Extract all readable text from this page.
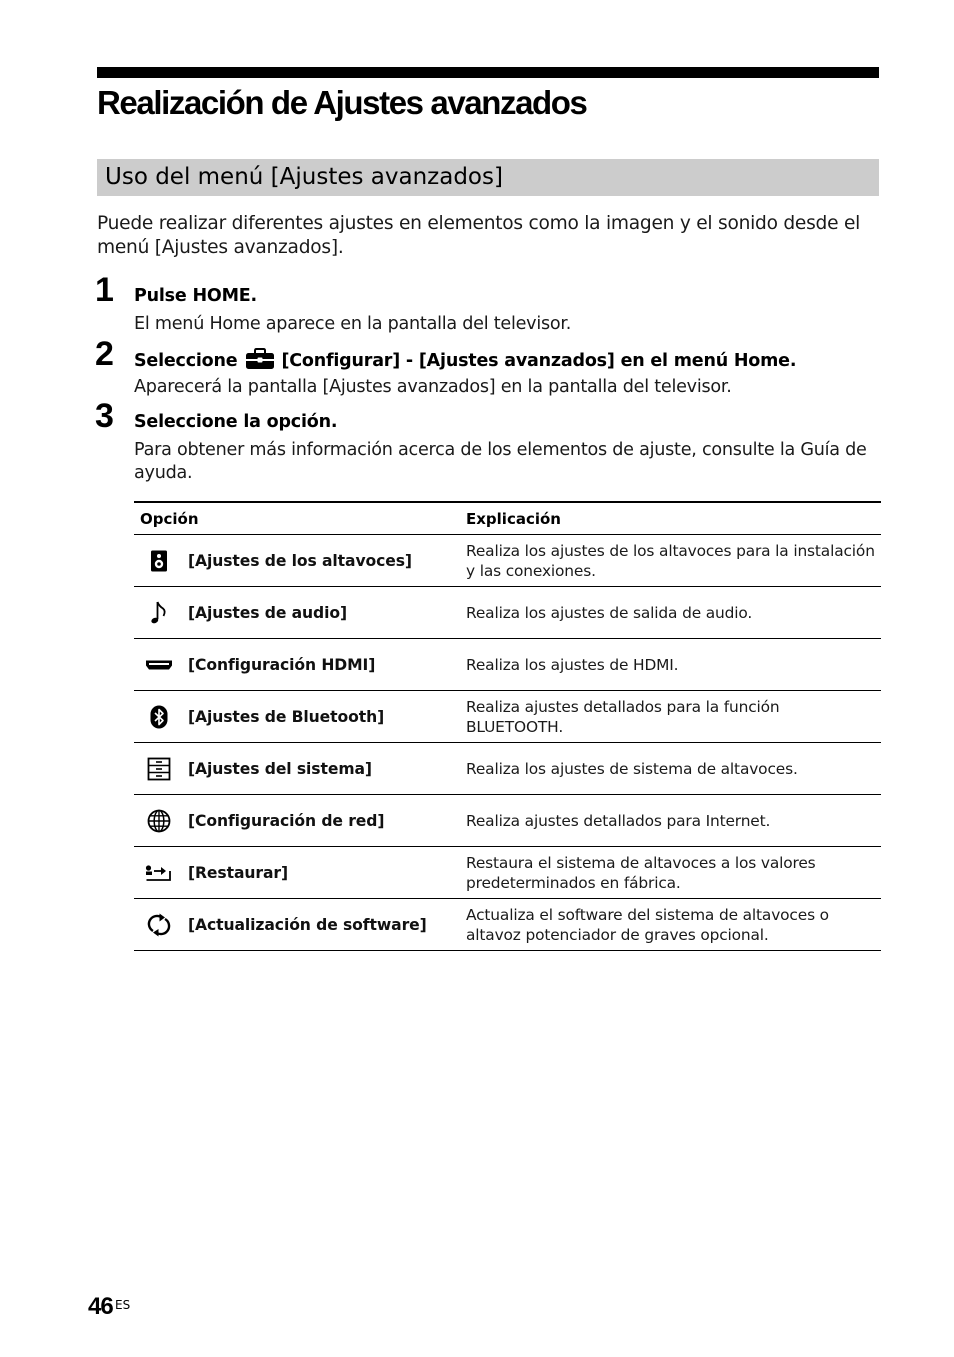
Realización de Ajustes avanzados
Uso del menú [Ajustes avanzados]

Puede realizar diferentes ajustes en elementos como la imagen y el sonido desde el menú [Ajustes avanzados].

1 Pulse HOME.
El menú Home aparece en la pantalla del televisor.
2 Seleccione	[Configurar] - [Ajustes avanzados] en el menú Home.
Aparecerá la pantalla [Ajustes avanzados] en la pantalla del televisor.
3 Seleccione la opción.
Para obtener más información acerca de los elementos de ajuste, consulte la Guía de ayuda.
Opción	Explicación

[Ajustes de los altavoces]	Realiza los ajustes de los altavoces para la instalación y las conexiones.

[Ajustes de audio]	Realiza los ajustes de salida de audio.

[Configuración HDMI]	Realiza los ajustes de HDMI.

[Ajustes de Bluetooth]	Realiza ajustes detallados para la función BLUETOOTH.

[Ajustes del sistema]	Realiza los ajustes de sistema de altavoces.

[Configuración de red]	Realiza ajustes detallados para Internet.

[Restaurar]	Restaura el sistema de altavoces a los valores predeterminados en fábrica.

[Actualización de software]	Actualiza el software del sistema de altavoces o altavoz potenciador de graves opcional.
46 ES
